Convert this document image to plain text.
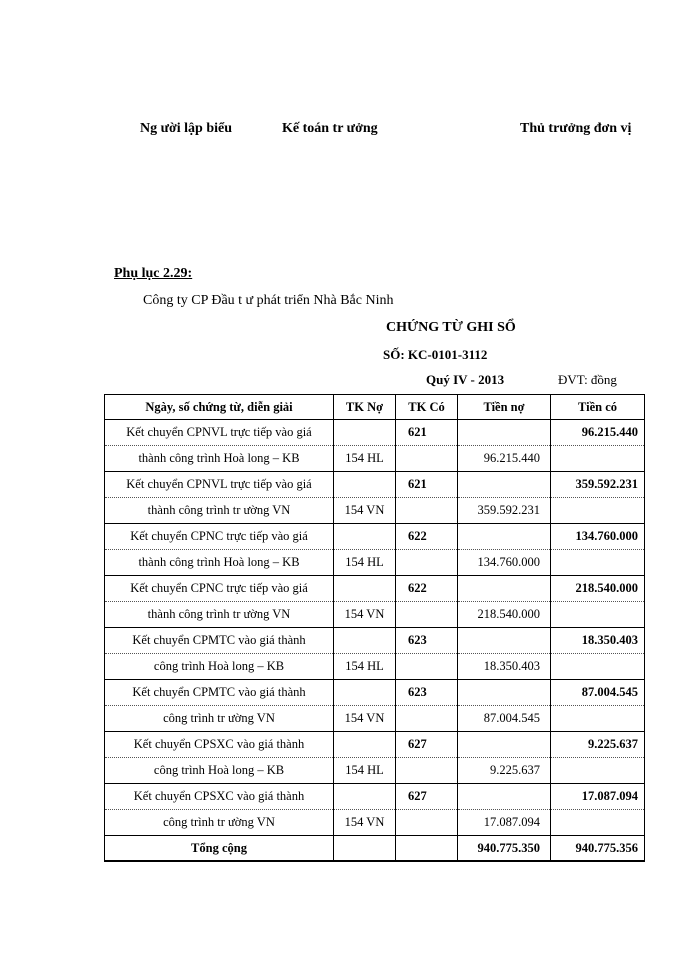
Ng ười lập biểu	Kế toán tr ưởng	Thủ trưởng đơn vị
Phụ lục 2.29:
Công ty CP Đầu t ư phát triển Nhà Bắc Ninh
CHỨNG TỪ GHI SỔ
SỐ: KC-0101-3112
Quý IV - 2013	ĐVT: đồng
Ngày, số chứng từ, diễn giải	TK Nợ	TK Có	Tiền nợ	Tiền có
Kết chuyển CPNVL trực tiếp vào giá		621		96.215.440
thành công trình Hoà long – KB	154 HL		96.215.440	
Kết chuyển CPNVL trực tiếp vào giá		621		359.592.231
thành công trình tr ường VN	154 VN		359.592.231	
Kết chuyển CPNC trực tiếp vào giá		622		134.760.000
thành công trình Hoà long – KB	154 HL		134.760.000	
Kết chuyển CPNC trực tiếp vào giá		622		218.540.000
thành công trình tr ường VN	154 VN		218.540.000	
Kết chuyển CPMTC vào giá thành		623		18.350.403
công trình Hoà long – KB	154 HL		18.350.403	
Kết chuyển CPMTC vào giá thành		623		87.004.545
công trình tr ường VN	154 VN		87.004.545	
Kết chuyển CPSXC vào giá thành		627		9.225.637
công trình Hoà long – KB	154 HL		9.225.637	
Kết chuyển CPSXC vào giá thành		627		17.087.094
công trình tr ường VN	154 VN		17.087.094	
Tổng cộng			940.775.350	940.775.356
